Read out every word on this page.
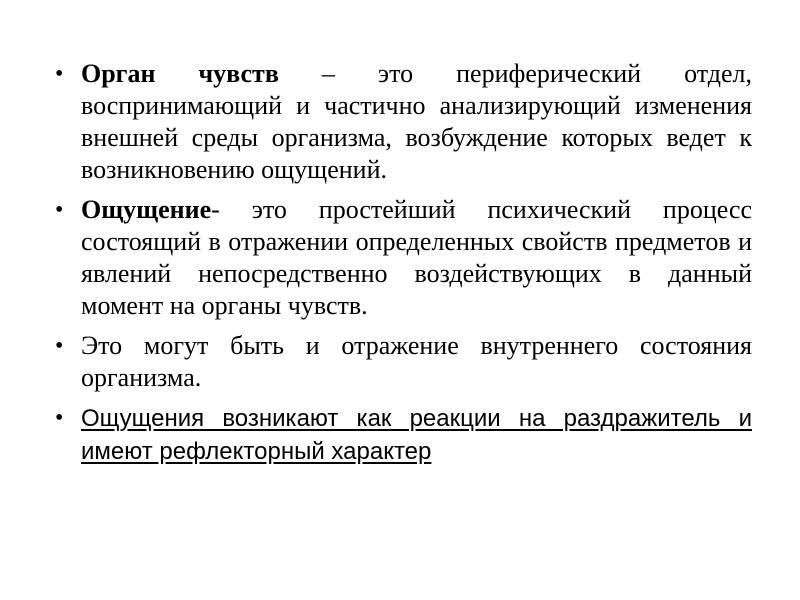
• Орган чувств – это периферический отдел, воспринимающий и частично анализирующий изменения внешней среды организма, возбуждение которых ведет к возникновению ощущений.
• Ощущение- это простейший психический процесс состоящий в отражении определенных свойств предметов и явлений непосредственно воздействующих в данный момент на органы чувств.
• Это могут быть и отражение внутреннего состояния организма.
• Ощущения возникают как реакции на раздражитель и имеют рефлекторный характер
